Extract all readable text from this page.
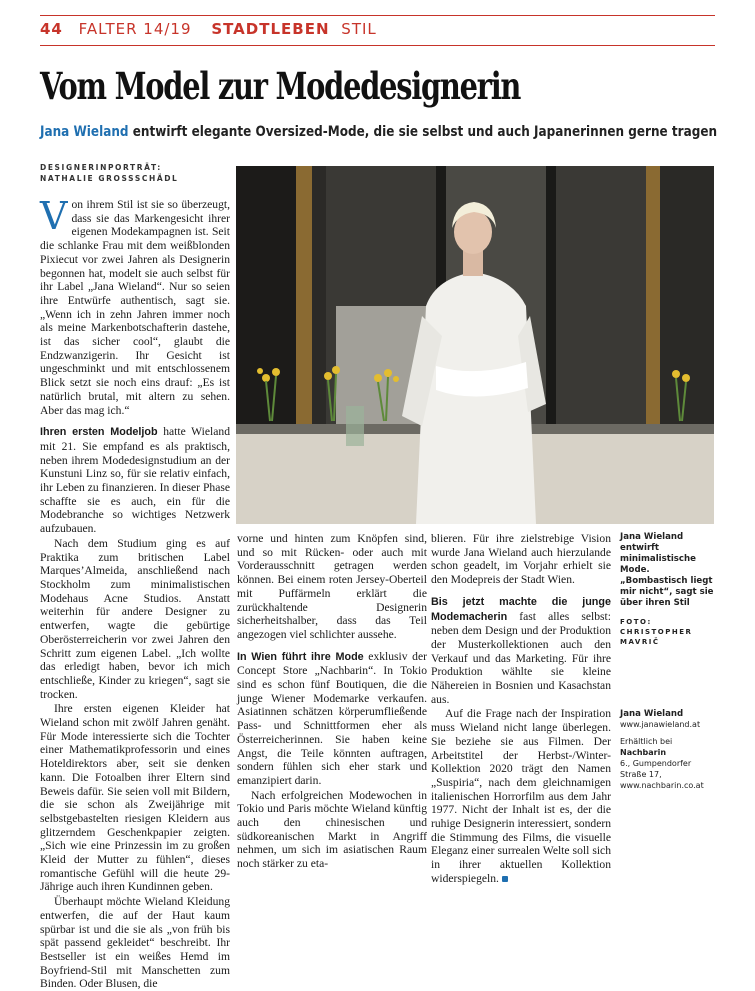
44 FALTER 14/19 STADTLEBEN STIL
Vom Model zur Modedesignerin
Jana Wieland entwirft elegante Oversized-Mode, die sie selbst und auch Japanerinnen gerne tragen
DESIGNERINPORTRÄT:
NATHALIE GROSSSCHÄDL

Von ihrem Stil ist sie so überzeugt, dass sie das Markengesicht ihrer eigenen Modekampagnen ist. Seit die schlanke Frau mit dem weißblonden Pixiecut vor zwei Jahren als Designerin begonnen hat, modelt sie auch selbst für ihr Label „Jana Wieland“. Nur so seien ihre Entwürfe authentisch, sagt sie. „Wenn ich in zehn Jahren immer noch als meine Markenbotschafterin dastehe, ist das sicher cool“, glaubt die Endzwanzigerin. Ihr Gesicht ist ungeschminkt und mit entschlossenem Blick setzt sie noch eins drauf: „Es ist natürlich brutal, mit altern zu sehen. Aber das mag ich.“

Ihren ersten Modeljob hatte Wieland mit 21. Sie empfand es als praktisch, neben ihrem Modedesignstudium an der Kunstuni Linz so, für sie relativ einfach, ihr Leben zu finanzieren. In dieser Phase schaffte sie es auch, ein für die Modebranche so wichtiges Netzwerk aufzubauen.

Nach dem Studium ging es auf Praktika zum britischen Label Marques’Almeida, anschließend nach Stockholm zum minimalistischen Modehaus Acne Studios. Anstatt weiterhin für andere Designer zu entwerfen, wagte die gebürtige Oberösterreicherin vor zwei Jahren den Schritt zum eigenen Label. „Ich wollte das erledigt haben, bevor ich mich entschließe, Kinder zu kriegen“, sagt sie trocken.

Ihre ersten eigenen Kleider hat Wieland schon mit zwölf Jahren genäht. Für Mode interessierte sich die Tochter einer Mathematikprofessorin und eines Hoteldirektors aber, seit sie denken kann. Die Fotoalben ihrer Eltern sind Beweis dafür. Sie seien voll mit Bildern, die sie schon als Zweijährige mit selbstgebastelten riesigen Kleidern aus glitzerndem Geschenkpapier zeigten. „Sich wie eine Prinzessin im zu großen Kleid der Mutter zu fühlen“, dieses romantische Gefühl will die heute 29-Jährige auch ihren Kundinnen geben.

Überhaupt möchte Wieland Kleidung entwerfen, die auf der Haut kaum spürbar ist und die sie als „von früh bis spät passend gekleidet“ beschreibt. Ihr Bestseller ist ein weißes Hemd im Boyfriend-Stil mit Manschetten zum Binden. Oder Blusen, die

vorne und hinten zum Knöpfen sind, und so mit Rücken- oder auch mit Vorderausschnitt getragen werden können. Bei einem roten Jersey-Oberteil mit Puffärmeln erklärt die zurückhaltende Designerin sicherheitshalber, dass das Teil angezogen viel schlichter aussehe.

In Wien führt ihre Mode exklusiv der Concept Store „Nachbarin“. In Tokio sind es schon fünf Boutiquen, die die junge Wiener Modemarke verkaufen. Asiatinnen schätzen körperumfließende Pass- und Schnittformen eher als Österreicherinnen. Sie haben keine Angst, die Teile könnten auftragen, sondern fühlen sich eher stark und emanzipiert darin.

Nach erfolgreichen Modewochen in Tokio und Paris möchte Wieland künftig auch den chinesischen und südkoreanischen Markt in Angriff nehmen, um sich im asiatischen Raum noch stärker zu eta-

blieren. Für ihre zielstrebige Vision wurde Jana Wieland auch hierzulande schon geadelt, im Vorjahr erhielt sie den Modepreis der Stadt Wien.

Bis jetzt machte die junge Modemacherin fast alles selbst: neben dem Design und der Produktion der Musterkollektionen auch den Verkauf und das Marketing. Für ihre Produktion wählte sie kleine Nähereien in Bosnien und Kasachstan aus.

Auf die Frage nach der Inspiration muss Wieland nicht lange überlegen. Sie beziehe sie aus Filmen. Der Arbeitstitel der Herbst-/Winter-Kollektion 2020 trägt den Namen „Suspiria“, nach dem gleichnamigen italienischen Horrorfilm aus dem Jahr 1977. Nicht der Inhalt ist es, der die ruhige Designerin interessiert, sondern die Stimmung des Films, die visuelle Eleganz einer surrealen Welte soll sich in ihrer aktuellen Kollektion widerspiegeln.

Jana Wieland entwirft minimalistische Mode. „Bombastisch liegt mir nicht“, sagt sie über ihren Stil
FOTO:
CHRISTOPHER MAVRIČ
Jana Wieland
www.janawieland.at
Erhältlich bei
Nachbarin
6., Gumpendorfer Straße 17,
www.nachbarin.co.at
